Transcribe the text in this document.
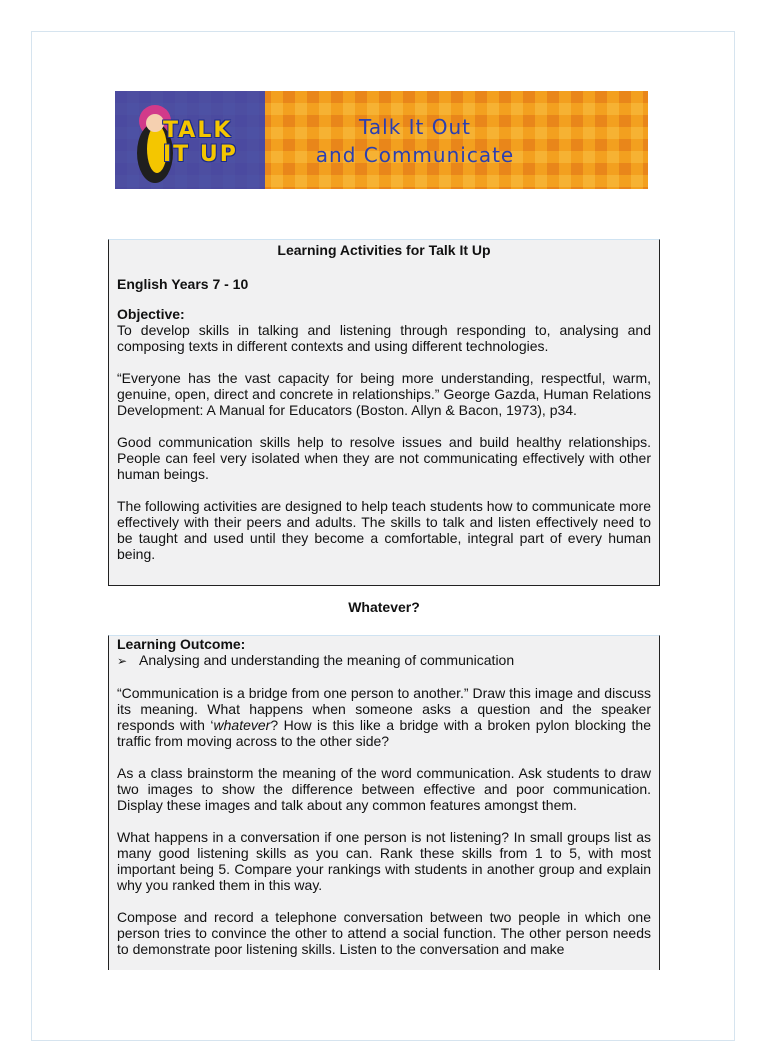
TALK
IT UP
Talk It Out
and Communicate

Learning Activities for Talk It Up

English Years 7 - 10

Objective:

To develop skills in talking and listening through responding to, analysing and composing texts in different contexts and using different technologies.

“Everyone has the vast capacity for being more understanding, respectful, warm, genuine, open, direct and concrete in relationships.” George Gazda, Human Relations Development: A Manual for Educators (Boston. Allyn & Bacon, 1973), p34.

Good communication skills help to resolve issues and build healthy relationships. People can feel very isolated when they are not communicating effectively with other human beings.

The following activities are designed to help teach students how to communicate more effectively with their peers and adults. The skills to talk and listen effectively need to be taught and used until they become a comfortable, integral part of every human being.

Whatever?

Learning Outcome:

➢ Analysing and understanding the meaning of communication

“Communication is a bridge from one person to another.” Draw this image and discuss its meaning. What happens when someone asks a question and the speaker responds with ‘whatever? How is this like a bridge with a broken pylon blocking the traffic from moving across to the other side?

As a class brainstorm the meaning of the word communication. Ask students to draw two images to show the difference between effective and poor communication. Display these images and talk about any common features amongst them.

What happens in a conversation if one person is not listening? In small groups list as many good listening skills as you can. Rank these skills from 1 to 5, with most important being 5. Compare your rankings with students in another group and explain why you ranked them in this way.

Compose and record a telephone conversation between two people in which one person tries to convince the other to attend a social function. The other person needs to demonstrate poor listening skills. Listen to the conversation and make
